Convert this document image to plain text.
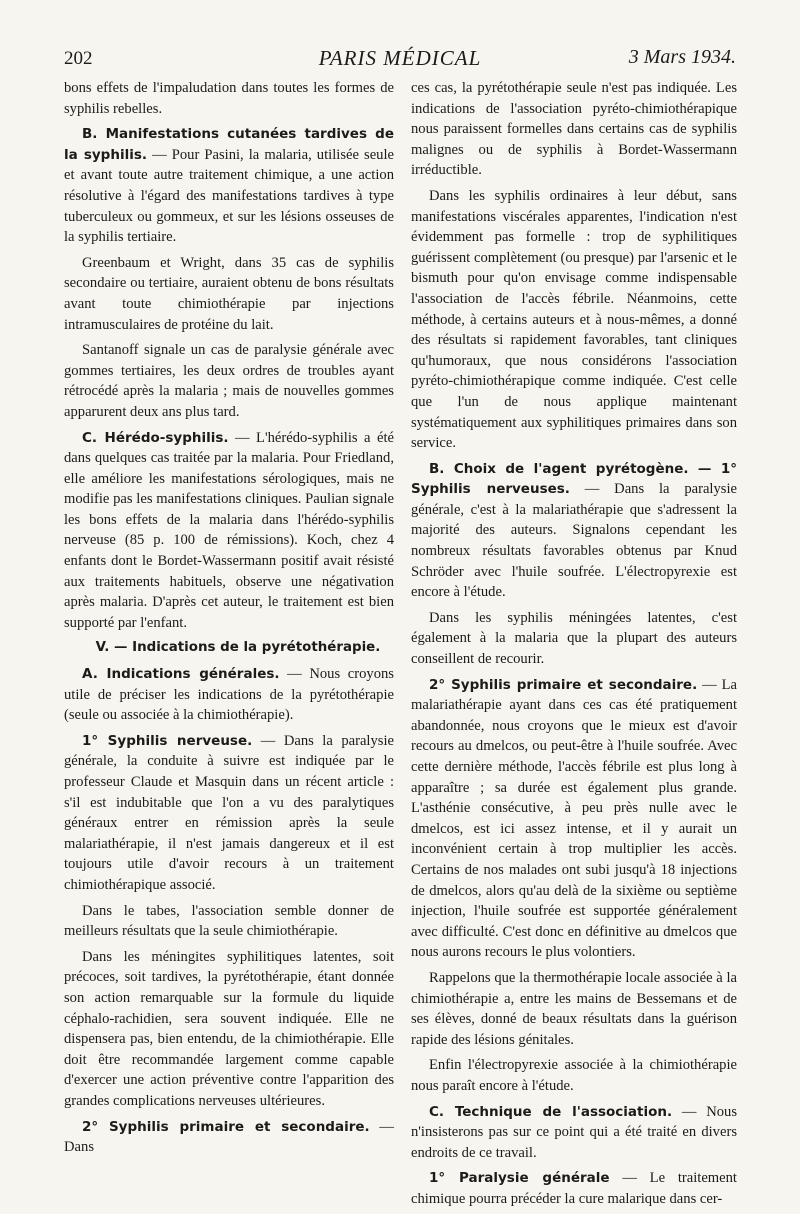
202	PARIS MÉDICAL	3 Mars 1934.

bons effets de l'impaludation dans toutes les formes de syphilis rebelles.

B. Manifestations cutanées tardives de la syphilis. — Pour Pasini, la malaria, utilisée seule et avant toute autre traitement chimique, a une action résolutive à l'égard des manifestations tardives à type tuberculeux ou gommeux, et sur les lésions osseuses de la syphilis tertiaire.

Greenbaum et Wright, dans 35 cas de syphilis secondaire ou tertiaire, auraient obtenu de bons résultats avant toute chimiothérapie par injections intramusculaires de protéine du lait.

Santanoff signale un cas de paralysie générale avec gommes tertiaires, les deux ordres de troubles ayant rétrocédé après la malaria ; mais de nouvelles gommes apparurent deux ans plus tard.

C. Hérédo-syphilis. — L'hérédo-syphilis a été dans quelques cas traitée par la malaria. Pour Friedland, elle améliore les manifestations sérologiques, mais ne modifie pas les manifestations cliniques. Paulian signale les bons effets de la malaria dans l'hérédo-syphilis nerveuse (85 p. 100 de rémissions). Koch, chez 4 enfants dont le Bordet-Wassermann positif avait résisté aux traitements habituels, observe une négativation après malaria. D'après cet auteur, le traitement est bien supporté par l'enfant.

V. — Indications de la pyrétothérapie.

A. Indications générales. — Nous croyons utile de préciser les indications de la pyrétothérapie (seule ou associée à la chimiothérapie).

1° Syphilis nerveuse. — Dans la paralysie générale, la conduite à suivre est indiquée par le professeur Claude et Masquin dans un récent article : s'il est indubitable que l'on a vu des paralytiques généraux entrer en rémission après la seule malariathérapie, il n'est jamais dangereux et il est toujours utile d'avoir recours à un traitement chimiothérapique associé.

Dans le tabes, l'association semble donner de meilleurs résultats que la seule chimiothérapie.

Dans les méningites syphilitiques latentes, soit précoces, soit tardives, la pyrétothérapie, étant donnée son action remarquable sur la formule du liquide céphalo-rachidien, sera souvent indiquée. Elle ne dispensera pas, bien entendu, de la chimiothérapie. Elle doit être recommandée largement comme capable d'exercer une action préventive contre l'apparition des grandes complications nerveuses ultérieures.

2° Syphilis primaire et secondaire. — Dans

ces cas, la pyrétothérapie seule n'est pas indiquée. Les indications de l'association pyréto-chimiothérapique nous paraissent formelles dans certains cas de syphilis malignes ou de syphilis à Bordet-Wassermann irréductible.

Dans les syphilis ordinaires à leur début, sans manifestations viscérales apparentes, l'indication n'est évidemment pas formelle : trop de syphilitiques guérissent complètement (ou presque) par l'arsenic et le bismuth pour qu'on envisage comme indispensable l'association de l'accès fébrile. Néanmoins, cette méthode, à certains auteurs et à nous-mêmes, a donné des résultats si rapidement favorables, tant cliniques qu'humoraux, que nous considérons l'association pyréto-chimiothérapique comme indiquée. C'est celle que l'un de nous applique maintenant systématiquement aux syphilitiques primaires dans son service.

B. Choix de l'agent pyrétogène. — 1° Syphilis nerveuses. — Dans la paralysie générale, c'est à la malariathérapie que s'adressent la majorité des auteurs. Signalons cependant les nombreux résultats favorables obtenus par Knud Schröder avec l'huile soufrée. L'électropyrexie est encore à l'étude.

Dans les syphilis méningées latentes, c'est également à la malaria que la plupart des auteurs conseillent de recourir.

2° Syphilis primaire et secondaire. — La malariathérapie ayant dans ces cas été pratiquement abandonnée, nous croyons que le mieux est d'avoir recours au dmelcos, ou peut-être à l'huile soufrée. Avec cette dernière méthode, l'accès fébrile est plus long à apparaître ; sa durée est également plus grande. L'asthénie consécutive, à peu près nulle avec le dmelcos, est ici assez intense, et il y aurait un inconvénient certain à trop multiplier les accès. Certains de nos malades ont subi jusqu'à 18 injections de dmelcos, alors qu'au delà de la sixième ou septième injection, l'huile soufrée est supportée généralement avec difficulté. C'est donc en définitive au dmelcos que nous aurons recours le plus volontiers.

Rappelons que la thermothérapie locale associée à la chimiothérapie a, entre les mains de Bessemans et de ses élèves, donné de beaux résultats dans la guérison rapide des lésions génitales.

Enfin l'électropyrexie associée à la chimiothérapie nous paraît encore à l'étude.

C. Technique de l'association. — Nous n'insisterons pas sur ce point qui a été traité en divers endroits de ce travail.

1° Paralysie générale — Le traitement chimique pourra précéder la cure malarique dans cer-
